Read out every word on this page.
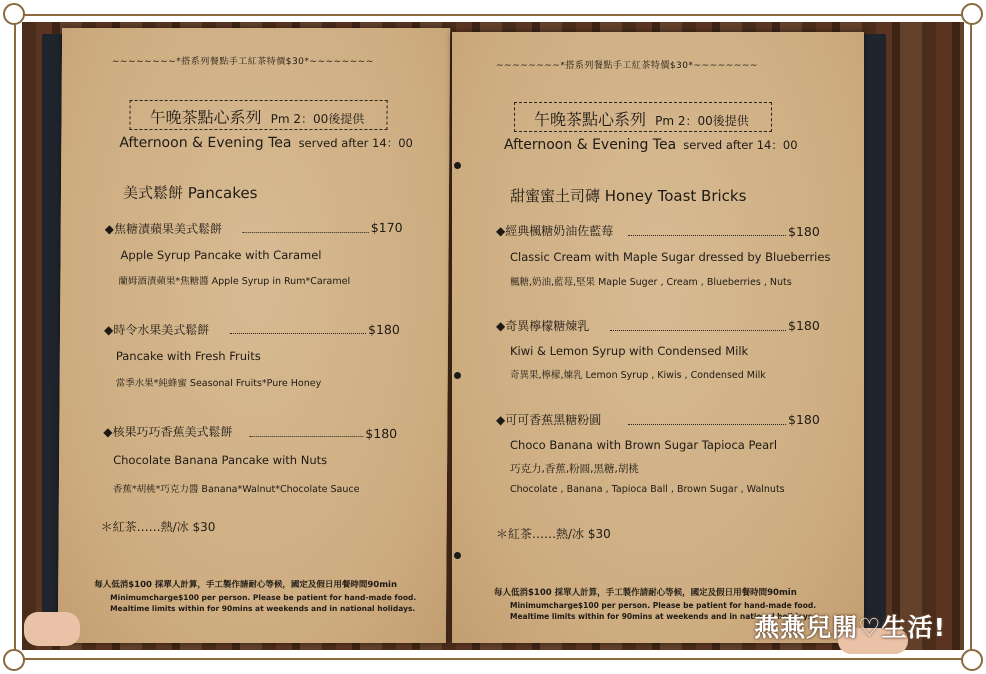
~~~~~~~~*搭系列餐點手工紅茶特價$30*~~~~~~~~
午晚茶點心系列 Pm 2：00後提供
Afternoon & Evening Tea served after 14：00
美式鬆餅 Pancakes
◆焦糖漬蘋果美式鬆餅	$170
Apple Syrup Pancake with Caramel
蘭姆酒漬蘋果*焦糖醬 Apple Syrup in Rum*Caramel
◆時令水果美式鬆餅	$180
Pancake with Fresh Fruits
當季水果*純蜂蜜 Seasonal Fruits*Pure Honey
◆核果巧巧香蕉美式鬆餅	$180
Chocolate Banana Pancake with Nuts
香蕉*胡桃*巧克力醬 Banana*Walnut*Chocolate Sauce
＊紅茶……熱/冰 $30
每人低消$100 採單人計算，手工製作請耐心等候，國定及假日用餐時間90min
Minimumcharge$100 per person. Please be patient for hand-made food.
Mealtime limits within for 90mins at weekends and in national holidays.
~~~~~~~~*搭系列餐點手工紅茶特價$30*~~~~~~~~
午晚茶點心系列 Pm 2：00後提供
Afternoon & Evening Tea served after 14：00
甜蜜蜜土司磚 Honey Toast Bricks
◆經典楓糖奶油佐藍莓	$180
Classic Cream with Maple Sugar dressed by Blueberries
楓糖,奶油,藍莓,堅果 Maple Suger , Cream , Blueberries , Nuts
◆奇異檸檬糖煉乳	$180
Kiwi & Lemon Syrup with Condensed Milk
奇異果,檸檬,煉乳 Lemon Syrup , Kiwis , Condensed Milk
◆可可香蕉黑糖粉圓	$180
Choco Banana with Brown Sugar Tapioca Pearl
巧克力,香蕉,粉圓,黑糖,胡桃
Chocolate , Banana , Tapioca Ball , Brown Sugar , Walnuts
＊紅茶……熱/冰 $30
每人低消$100 採單人計算，手工製作請耐心等候，國定及假日用餐時間90min
Minimumcharge$100 per person. Please be patient for hand-made food.
Mealtime limits within for 90mins at weekends and in national holidays.
燕燕兒開♡生活!
